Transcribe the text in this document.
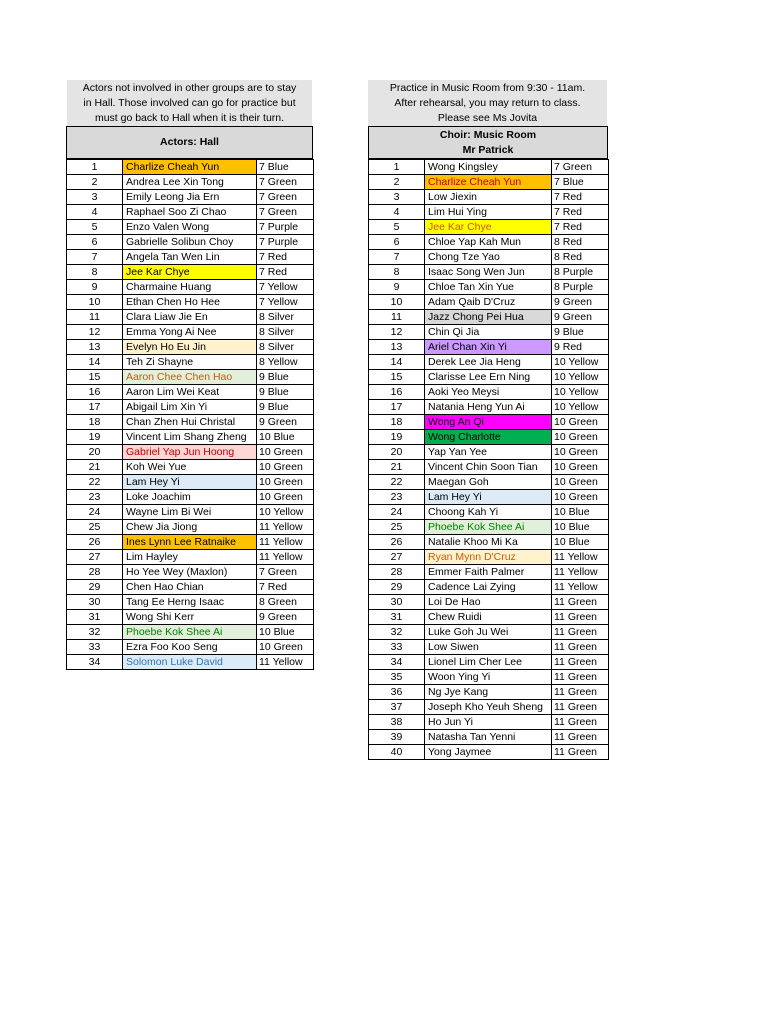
Actors not involved in other groups are to stay
in Hall. Those involved can go for practice but
must go back to Hall when it is their turn.
Actors: Hall
1	Charlize Cheah Yun	7 Blue
2	Andrea Lee Xin Tong	7 Green
3	Emily Leong Jia Ern	7 Green
4	Raphael Soo Zi Chao	7 Green
5	Enzo Valen Wong	7 Purple
6	Gabrielle Solibun Choy	7 Purple
7	Angela Tan Wen Lin	7 Red
8	Jee Kar Chye	7 Red
9	Charmaine Huang	7 Yellow
10	Ethan Chen Ho Hee	7 Yellow
11	Clara Liaw Jie En	8 Silver
12	Emma Yong Ai Nee	8 Silver
13	Evelyn Ho Eu Jin	8 Silver
14	Teh Zi Shayne	8 Yellow
15	Aaron Chee Chen Hao	9 Blue
16	Aaron Lim Wei Keat	9 Blue
17	Abigail Lim Xin Yi	9 Blue
18	Chan Zhen Hui Christal	9 Green
19	Vincent Lim Shang Zheng	10 Blue
20	Gabriel Yap Jun Hoong	10 Green
21	Koh Wei Yue	10 Green
22	Lam Hey Yi	10 Green
23	Loke Joachim	10 Green
24	Wayne Lim Bi Wei	10 Yellow
25	Chew Jia Jiong	11 Yellow
26	Ines Lynn Lee Ratnaike	11 Yellow
27	Lim Hayley	11 Yellow
28	Ho Yee Wey (Maxlon)	7 Green
29	Chen Hao Chian	7 Red
30	Tang Ee Herng Isaac	8 Green
31	Wong Shi Kerr	9 Green
32	Phoebe Kok Shee Ai	10 Blue
33	Ezra Foo Koo Seng	10 Green
34	Solomon Luke David	11 Yellow
Practice in Music Room from 9:30 - 11am.
After rehearsal, you may return to class.
Please see Ms Jovita
Choir: Music Room
Mr Patrick
1	Wong Kingsley	7 Green
2	Charlize Cheah Yun	7 Blue
3	Low Jiexin	7 Red
4	Lim Hui Ying	7 Red
5	Jee Kar Chye	7 Red
6	Chloe Yap Kah Mun	8 Red
7	Chong Tze Yao	8 Red
8	Isaac Song Wen Jun	8 Purple
9	Chloe Tan Xin Yue	8 Purple
10	Adam Qaib D'Cruz	9 Green
11	Jazz Chong Pei Hua	9 Green
12	Chin Qi Jia	9 Blue
13	Ariel Chan Xin Yi	9 Red
14	Derek Lee Jia Heng	10 Yellow
15	Clarisse Lee Ern Ning	10 Yellow
16	Aoki Yeo Meysi	10 Yellow
17	Natania Heng Yun Ai	10 Yellow
18	Wong An Qi	10 Green
19	Wong Charlotte	10 Green
20	Yap Yan Yee	10 Green
21	Vincent Chin Soon Tian	10 Green
22	Maegan Goh	10 Green
23	Lam Hey Yi	10 Green
24	Choong Kah Yi	10 Blue
25	Phoebe Kok Shee Ai	10 Blue
26	Natalie Khoo Mi Ka	10 Blue
27	Ryan Mynn D'Cruz	11 Yellow
28	Emmer Faith Palmer	11 Yellow
29	Cadence Lai Zying	11 Yellow
30	Loi De Hao	11 Green
31	Chew Ruidi	11 Green
32	Luke Goh Ju Wei	11 Green
33	Low Siwen	11 Green
34	Lionel Lim Cher Lee	11 Green
35	Woon Ying Yi	11 Green
36	Ng Jye Kang	11 Green
37	Joseph Kho Yeuh Sheng	11 Green
38	Ho Jun Yi	11 Green
39	Natasha Tan Yenni	11 Green
40	Yong Jaymee	11 Green
